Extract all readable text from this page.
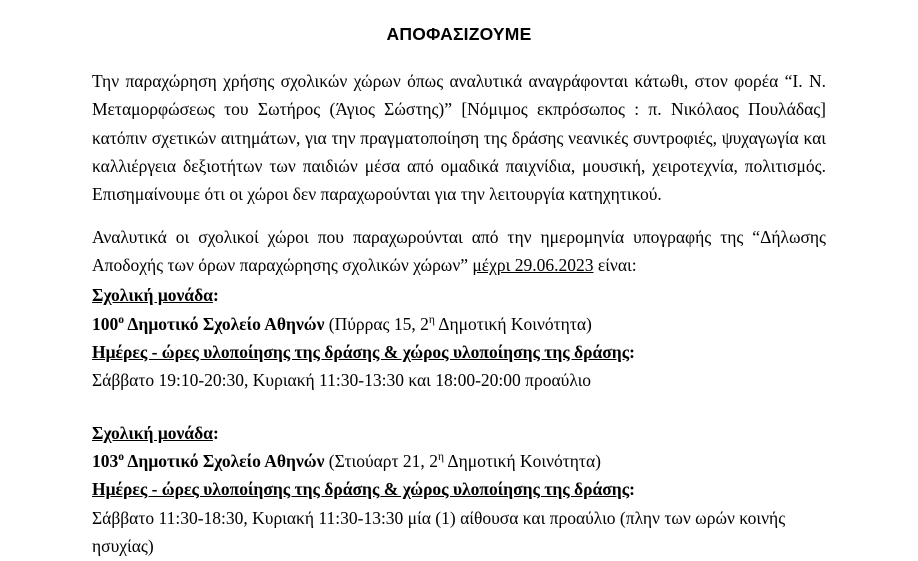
ΑΠΟΦΑΣΙΖΟΥΜΕ

Την παραχώρηση χρήσης σχολικών χώρων όπως αναλυτικά αναγράφονται κάτωθι, στον φορέα “Ι. Ν. Μεταμορφώσεως του Σωτήρος (Άγιος Σώστης)” [Νόμιμος εκπρόσωπος : π. Νικόλαος Πουλάδας] κατόπιν σχετικών αιτημάτων, για την πραγματοποίηση της δράσης νεανικές συντροφιές, ψυχαγωγία και καλλιέργεια δεξιοτήτων των παιδιών μέσα από ομαδικά παιχνίδια, μουσική, χειροτεχνία, πολιτισμός. Επισημαίνουμε ότι οι χώροι δεν παραχωρούνται για την λειτουργία κατηχητικού.

Αναλυτικά οι σχολικοί χώροι που παραχωρούνται από την ημερομηνία υπογραφής της “Δήλωσης Αποδοχής των όρων παραχώρησης σχολικών χώρων” μέχρι 29.06.2023 είναι:

Σχολική μονάδα:
$100^o$ Δημοτικό Σχολείο Αθηνών (Πύρρας 15, $2^\eta$ Δημοτική Κοινότητα)
Ημέρες - ώρες υλοποίησης της δράσης & χώρος υλοποίησης της δράσης:
Σάββατο 19:10-20:30, Κυριακή 11:30-13:30 και 18:00-20:00 προαύλιο
Σχολική μονάδα:
$103^o$ Δημοτικό Σχολείο Αθηνών (Στιούαρτ 21, $2^\eta$ Δημοτική Κοινότητα)
Ημέρες - ώρες υλοποίησης της δράσης & χώρος υλοποίησης της δράσης:
Σάββατο 11:30-18:30, Κυριακή 11:30-13:30 μία (1) αίθουσα και προαύλιο (πλην των ωρών κοινής ησυχίας)
